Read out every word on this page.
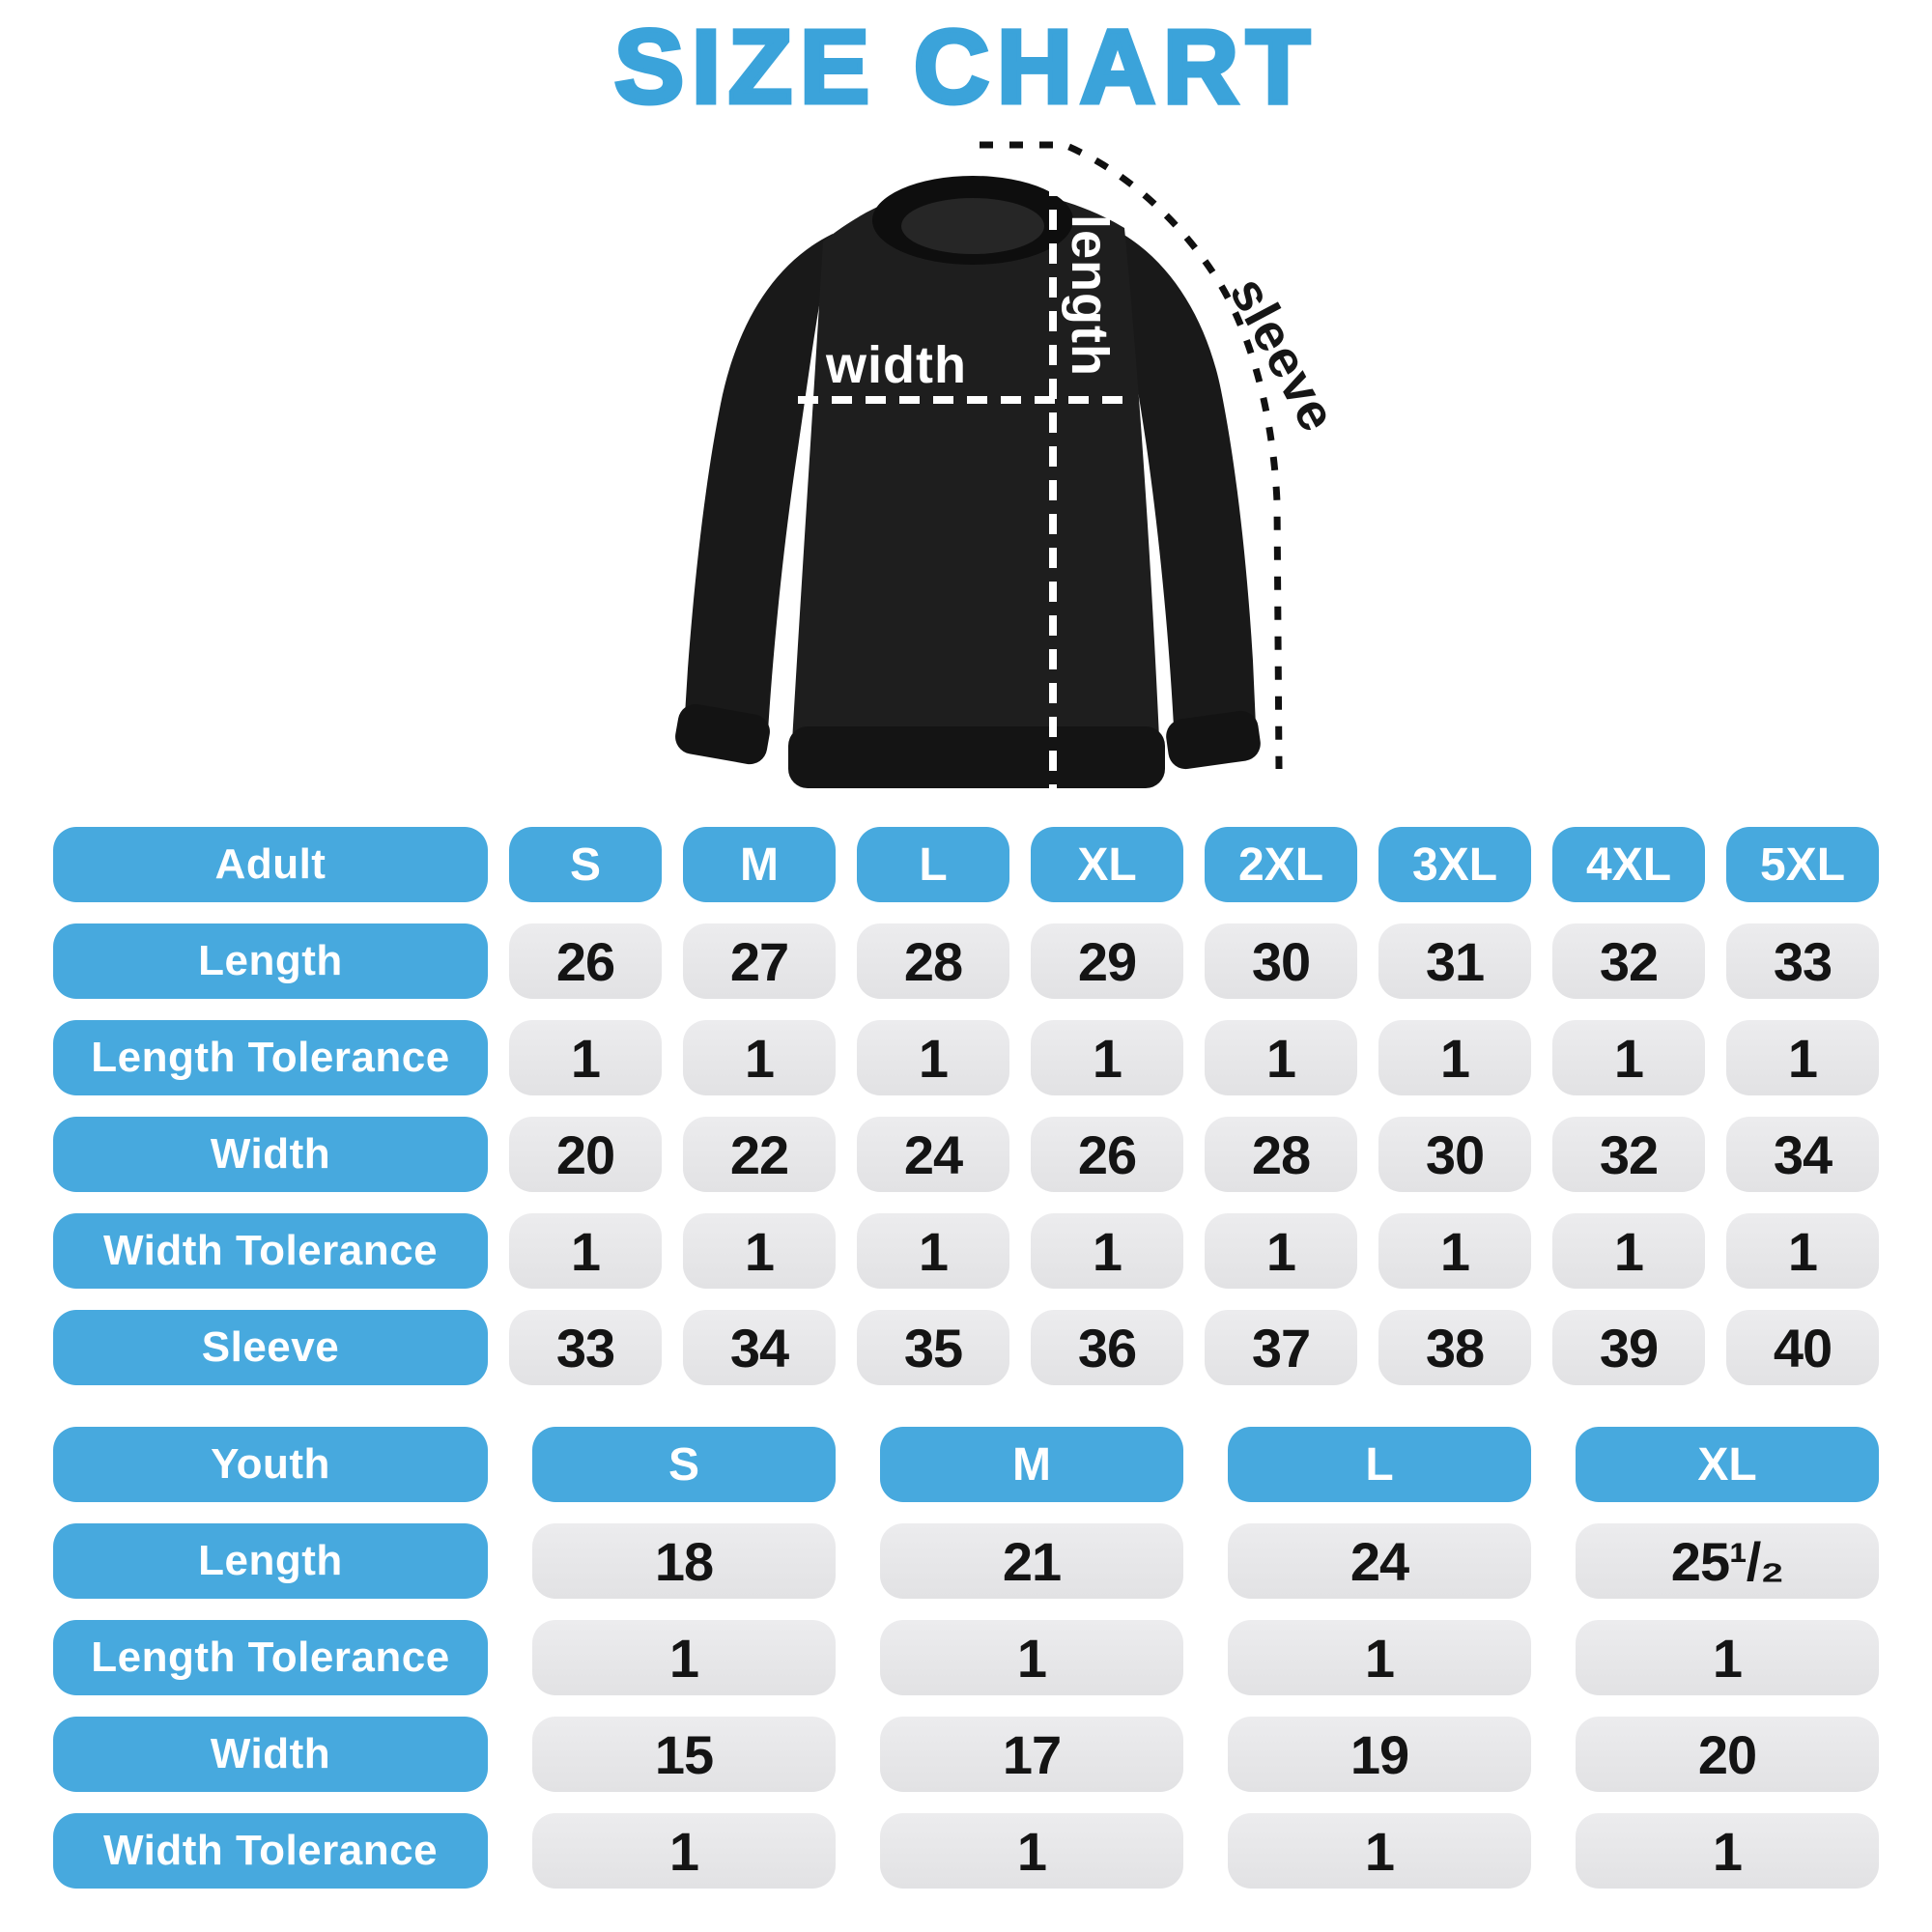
SIZE CHART
width length sleeve
Adult	S	M	L	XL	2XL	3XL	4XL	5XL
Length	26	27	28	29	30	31	32	33
Length Tolerance	1	1	1	1	1	1	1	1
Width	20	22	24	26	28	30	32	34
Width Tolerance	1	1	1	1	1	1	1	1
Sleeve	33	34	35	36	37	38	39	40
Youth	S	M	L	XL
Length	18	21	24	25¹/₂
Length Tolerance	1	1	1	1
Width	15	17	19	20
Width Tolerance	1	1	1	1
